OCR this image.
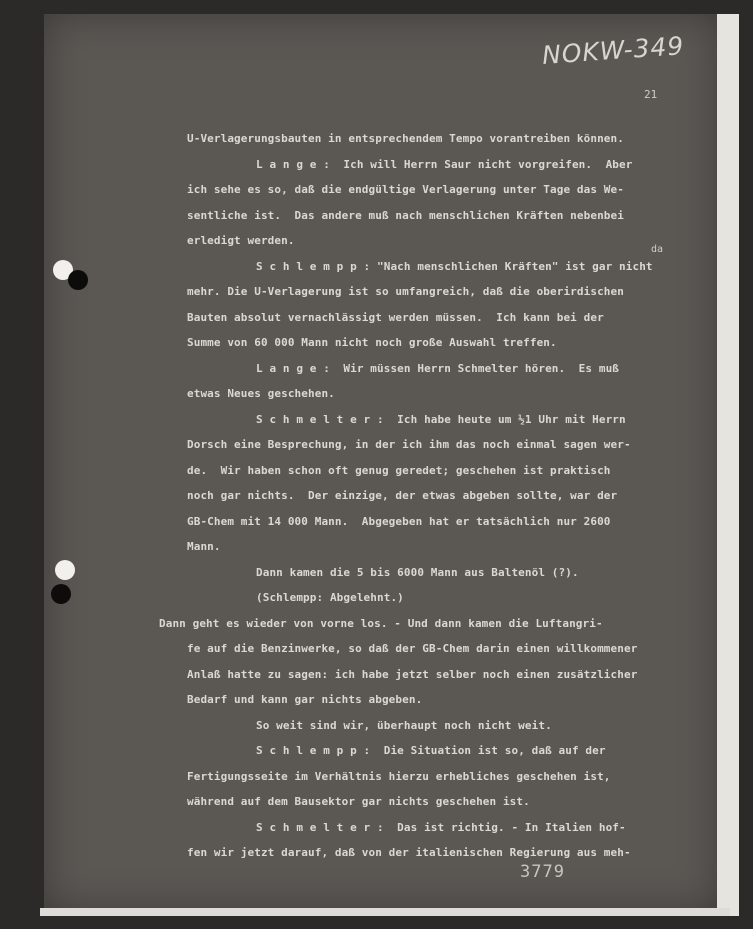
NOKW-349
21
da
U-Verlagerungsbauten in entsprechendem Tempo vorantreiben können.
L a n g e :  Ich will Herrn Saur nicht vorgreifen.  Aber
ich sehe es so, daß die endgültige Verlagerung unter Tage das We-
sentliche ist.  Das andere muß nach menschlichen Kräften nebenbei
erledigt werden.
S c h l e m p p : "Nach menschlichen Kräften" ist gar nicht
mehr. Die U-Verlagerung ist so umfangreich, daß die oberirdischen
Bauten absolut vernachlässigt werden müssen.  Ich kann bei der
Summe von 60 000 Mann nicht noch große Auswahl treffen.
L a n g e :  Wir müssen Herrn Schmelter hören.  Es muß
etwas Neues geschehen.
S c h m e l t e r :  Ich habe heute um ½1 Uhr mit Herrn
Dorsch eine Besprechung, in der ich ihm das noch einmal sagen wer-
de.  Wir haben schon oft genug geredet; geschehen ist praktisch
noch gar nichts.  Der einzige, der etwas abgeben sollte, war der
GB-Chem mit 14 000 Mann.  Abgegeben hat er tatsächlich nur 2600
Mann.
Dann kamen die 5 bis 6000 Mann aus Baltenöl (?).
(Schlempp: Abgelehnt.)
Dann geht es wieder von vorne los. - Und dann kamen die Luftangri-
fe auf die Benzinwerke, so daß der GB-Chem darin einen willkommener
Anlaß hatte zu sagen: ich habe jetzt selber noch einen zusätzlicher
Bedarf und kann gar nichts abgeben.
So weit sind wir, überhaupt noch nicht weit.
S c h l e m p p :  Die Situation ist so, daß auf der
Fertigungsseite im Verhältnis hierzu erhebliches geschehen ist,
während auf dem Bausektor gar nichts geschehen ist.
S c h m e l t e r :  Das ist richtig. - In Italien hof-
fen wir jetzt darauf, daß von der italienischen Regierung aus meh-
3779
